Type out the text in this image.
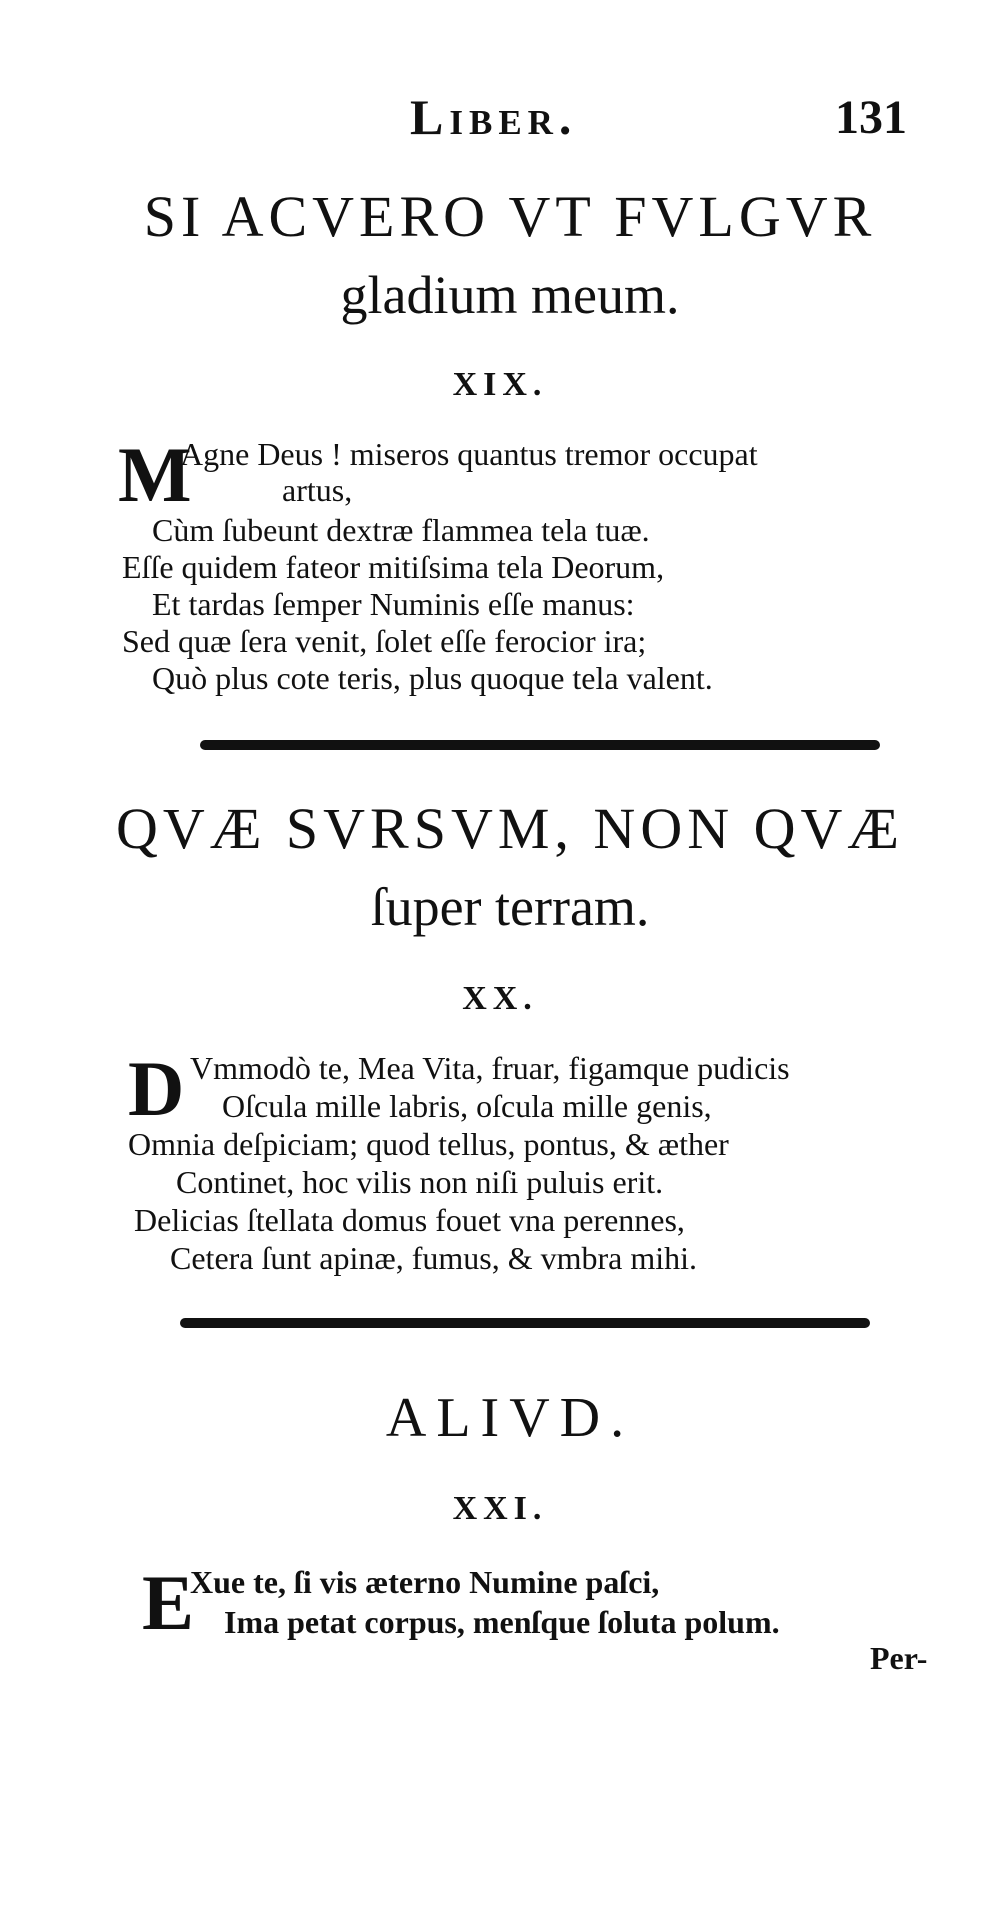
Liber.	131
SI ACVERO VT FVLGVR
gladium meum.
XIX.
M
Agne Deus ! miseros quantus tremor occupat
artus,
Cùm ſubeunt dextræ flammea tela tuæ.
Eſſe quidem fateor mitiſsima tela Deorum,
Et tardas ſemper Numinis eſſe manus:
Sed quæ ſera venit, ſolet eſſe ferocior ira;
Quò plus cote teris, plus quoque tela valent.
QVÆ SVRSVM, NON QVÆ
ſuper terram.
XX.
D Vmmodò te, Mea Vita, fruar, figamque pudicis
Oſcula mille labris, oſcula mille genis,
Omnia deſpiciam; quod tellus, pontus, & æther
Continet, hoc vilis non niſi puluis erit.
Delicias ſtellata domus fouet vna perennes,
Cetera ſunt apinæ, fumus, & vmbra mihi.
ALIVD.
XXI.
E
Xue te, ſi vis æterno Numine paſci,
Ima petat corpus, menſque ſoluta polum.
Per-
